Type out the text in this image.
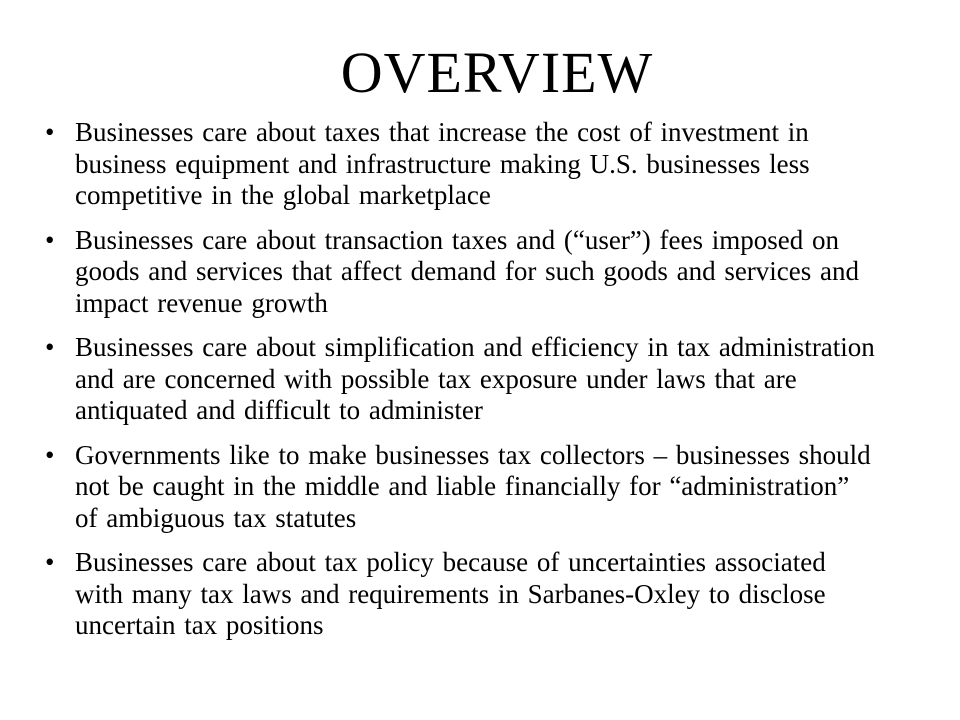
OVERVIEW
• Businesses care about taxes that increase the cost of investment in business equipment and infrastructure making U.S. businesses less competitive in the global marketplace
• Businesses care about transaction taxes and (“user”) fees imposed on goods and services that affect demand for such goods and services and impact revenue growth
• Businesses care about simplification and efficiency in tax administration and are concerned with possible tax exposure under laws that are antiquated and difficult to administer
• Governments like to make businesses tax collectors – businesses should not be caught in the middle and liable financially for “administration” of ambiguous tax statutes
• Businesses care about tax policy because of uncertainties associated with many tax laws and requirements in Sarbanes-Oxley to disclose uncertain tax positions
